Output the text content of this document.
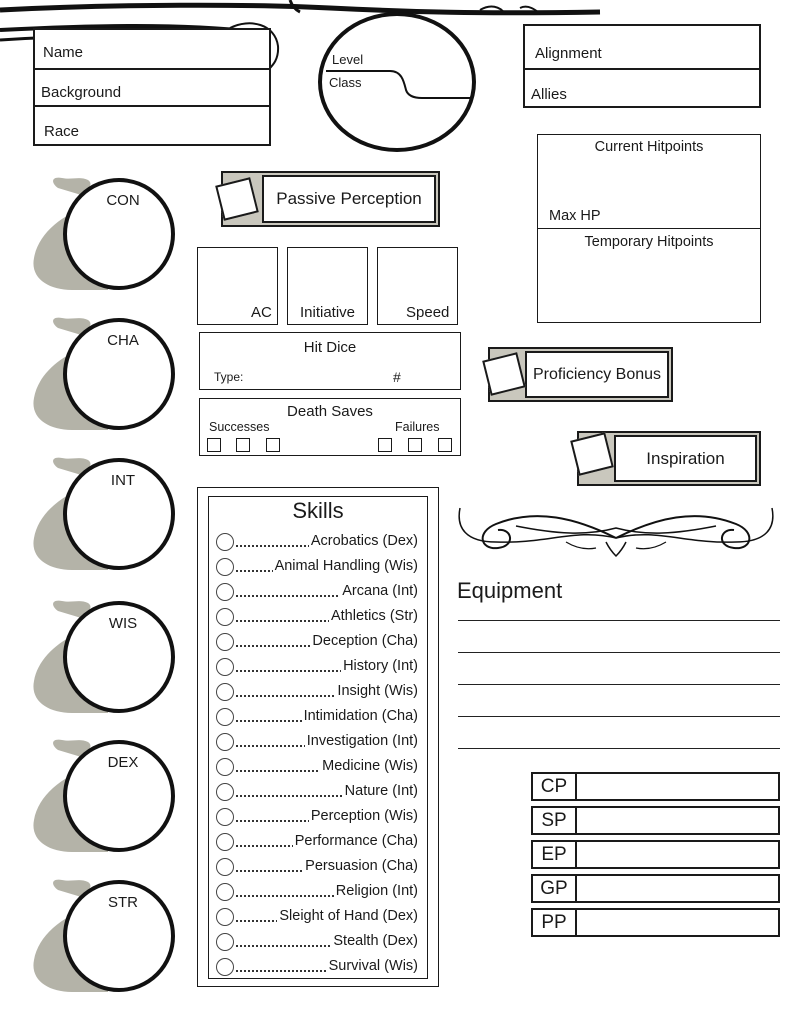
Name
Background
Race
Level
Class
Alignment
Allies
Current Hitpoints
Max HP
Temporary Hitpoints
CON
CHA
INT
WIS
DEX
STR
Passive Perception
AC Initiative	Speed
Hit Dice
Type:	#
Death Saves
Successes	Failures
Proficiency Bonus
Inspiration
Skills
Acrobatics (Dex)
Animal Handling (Wis)
Arcana (Int)
Athletics (Str)
Deception (Cha)
History (Int)
Insight (Wis)
Intimidation (Cha)
Investigation (Int)
Medicine (Wis)
Nature (Int)
Perception (Wis)
Performance (Cha)
Persuasion (Cha)
Religion (Int)
Sleight of Hand (Dex)
Stealth (Dex)
Survival (Wis)
Equipment
CP
SP
EP
GP
PP
